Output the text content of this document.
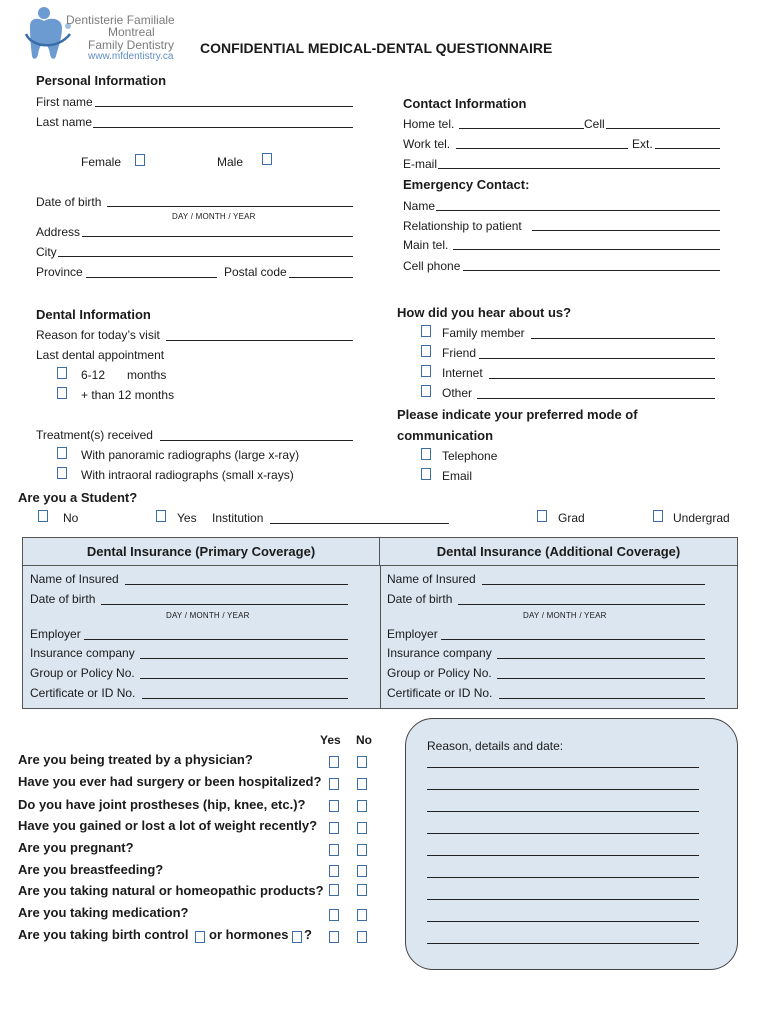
Dentisterie Familiale
Montreal
Family Dentistry
www.mfdentistry.ca
CONFIDENTIAL MEDICAL-DENTAL QUESTIONNAIRE
Personal Information
First name
Last name
Female	Male
Date of birth
DAY / MONTH / YEAR
Address
City
Province	Postal code
Contact Information
Home tel.	Cell
Work tel.	Ext.
E-mail
Emergency Contact:
Name
Relationship to patient
Main tel.
Cell phone
Dental Information
Reason for today’s visit
Last dental appointment
6-12 months
+ than 12 months
Treatment(s) received
With panoramic radiographs (large x-ray)
With intraoral radiographs (small x-rays)
How did you hear about us?
Family member
Friend
Internet
Other
Please indicate your preferred mode of
communication
Telephone
Email
Are you a Student?
No	Yes Institution	Grad	Undergrad
Dental Insurance (Primary Coverage)	Dental Insurance (Additional Coverage)
Name of Insured
Date of birth
DAY / MONTH / YEAR
Employer
Insurance company
Group or Policy No.
Certificate or ID No.
Name of Insured
Date of birth
DAY / MONTH / YEAR
Employer
Insurance company
Group or Policy No.
Certificate or ID No.
Yes No
Are you being treated by a physician?
Have you ever had surgery or been hospitalized?
Do you have joint prostheses (hip, knee, etc.)?
Have you gained or lost a lot of weight recently?
Are you pregnant?
Are you breastfeeding?
Are you taking natural or homeopathic products?
Are you taking medication?
Are you taking birth control or hormones ?
Reason, details and date:
